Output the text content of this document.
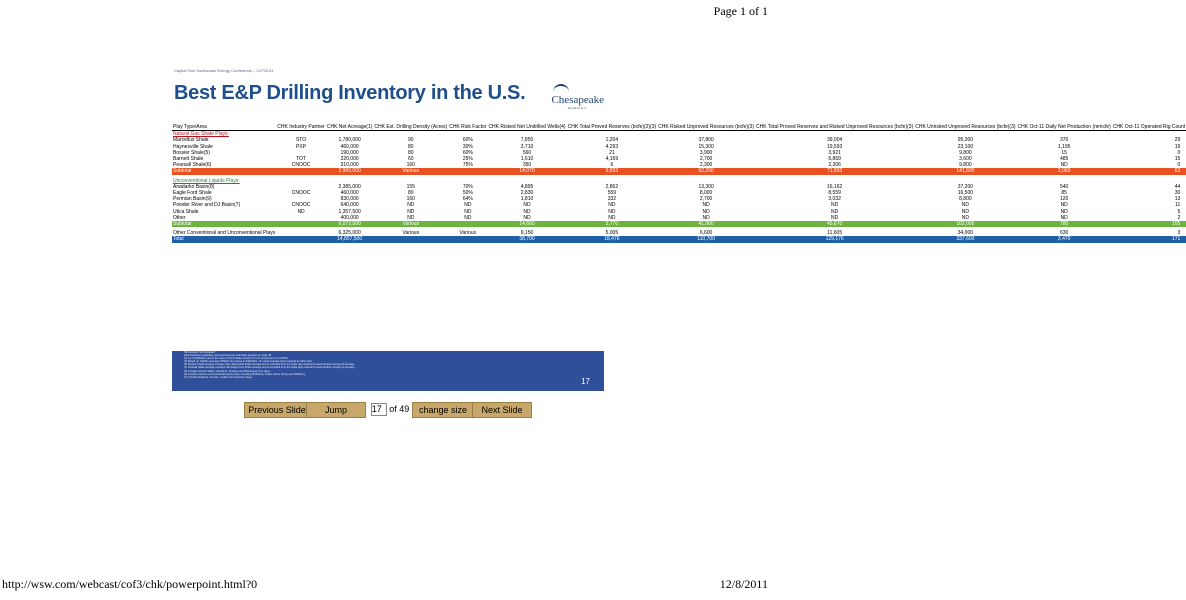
Page 1 of 1
Capital One Southcoast Energy Conference – 12/7/2011
Best E&P Drilling Inventory in the U.S. Chesapeake
ENERGY
Play Type/Area	CHK Industry Partner	CHK Net Acreage(1)	CHK Est. Drilling Density (Acres)	CHK Risk Factor	CHK Risked Net Undrilled Wells(4)	CHK Total Proved Reserves (bcfe)(2)(3)	CHK Risked Unproved Resources (bcfe)(3)	CHK Total Proved Reserves and Risked Unproved Resources (bcfe)(3)	CHK Unrisked Unproved Resources (bcfe)(3)	CHK Oct-11 Daily Net Production (mmcfe)	CHK Oct-11 Operated Rig Count
Natural Gas Shale Plays:											
Marcellus Shale	STO	1,780,000	90	60%	7,850	1,204	37,800	39,004	95,300	370	29
Haynesville Shale	PXP	460,000	80	30%	3,710	4,293	15,300	19,593	23,100	1,195	19
Bossier Shale(5)		190,000	80	60%	560	21	3,900	3,921	9,800	15	0
Barnett Shale	TOT	220,000	60	25%	1,610	4,169	2,700	6,869	3,600	485	15
Pearsall Shale(6)	CNOOC	310,000	160	75%	350	6	2,300	2,306	9,800	ND	0
Subtotal		2,960,000	Various		14,070	9,693	62,200	71,893	141,600	2,060	63

Unconventional Liquids Plays:											
Anadarko Basin(8)		2,385,000	155	70%	4,895	2,862	13,300	16,162	37,200	540	44
Eagle Ford Shale	CNOOC	460,000	80	50%	2,830	559	8,000	8,559	16,500	85	30
Permian Basin(9)		830,000	160	64%	1,810	332	2,700	3,032	8,800	120	13
Powder River and DJ Basin(7)	CNOOC	640,000	ND	ND	ND	ND	ND	ND	ND	ND	11
Utica Shale	ND	1,357,500	ND	ND	ND	ND	ND	ND	ND	ND	5
Other		400,000	ND	ND	ND	ND	ND	ND	ND	ND	2
Subtotal		6,072,500	Various		14,660	3,770	41,900	45,670	102,000	780	105

Other Conventional and Unconventional Plays		6,325,000	Various	Various	9,150	5,005	6,600	11,605	34,000	630	3
Total		14,857,500			38,700	18,476	110,700	129,176	337,600	3,470	171
ND denotes "not disclosed"
Risk disclosure regarding unproved resource estimates appears on page 48
(1) As of 9/30/2011, and in the case of Utica Shale includes JV CO announced on 11/15/11
(2) Based on 10/2011 average NYMEX strip prices at 9/30/2011, 12-month average price required by SEC rules
(3) Bossier Shale acreage overlaps with Haynesville Shale acreage and is excluded from the shale play subtotal to avoid double counting of acreage
(4) Pearsall Shale acreage overlaps with Eagle Ford Shale acreage and is excluded from the shale play subtotal to avoid double counting of acreage
(5) Includes Granite Wash, Cleveland, Tonkawa and Mississippi Lime plays
(6) Includes various unconventional liquids plays, including Wolfcamp, Avalon, Bone Spring and Wolfberry
(7) Includes Niobrara, Frontier, Codell and Greenhorn plays	17
Previous Slide	Jump
17	of 49	change size	Next Slide
http://wsw.com/webcast/cof3/chk/powerpoint.html?0	12/8/2011
